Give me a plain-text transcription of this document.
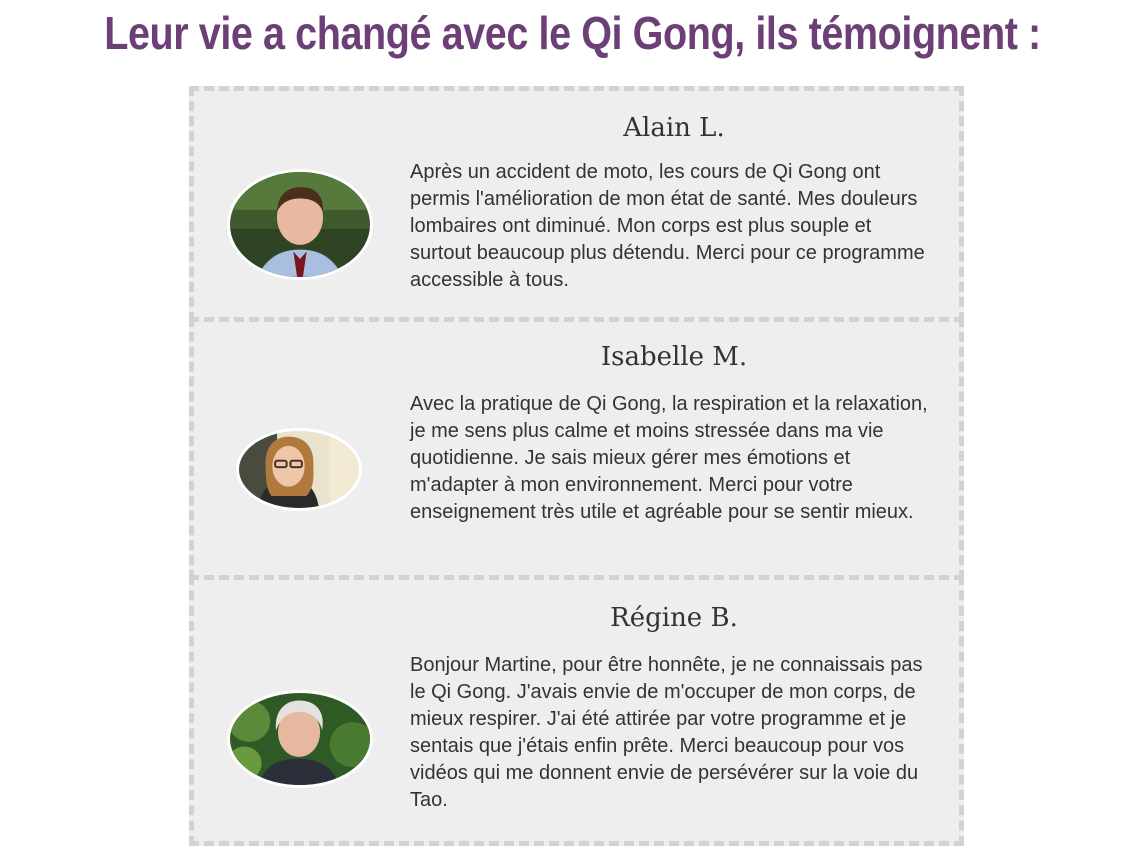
Leur vie a changé avec le Qi Gong, ils témoignent :
Alain L.
Après un accident de moto, les cours de Qi Gong ont permis l'amélioration de mon état de santé. Mes douleurs lombaires ont diminué. Mon corps est plus souple et surtout beaucoup plus détendu. Merci pour ce programme accessible à tous.
Isabelle M.
Avec la pratique de Qi Gong, la respiration et la relaxation, je me sens plus calme et moins stressée dans ma vie quotidienne. Je sais mieux gérer mes émotions et m'adapter à mon environnement. Merci pour votre enseignement très utile et agréable pour se sentir mieux.
Régine B.
Bonjour Martine, pour être honnête, je ne connaissais pas le Qi Gong. J'avais envie de m'occuper de mon corps, de mieux respirer. J'ai été attirée par votre programme et je sentais que j'étais enfin prête. Merci beaucoup pour vos vidéos qui me donnent envie de persévérer sur la voie du Tao.
